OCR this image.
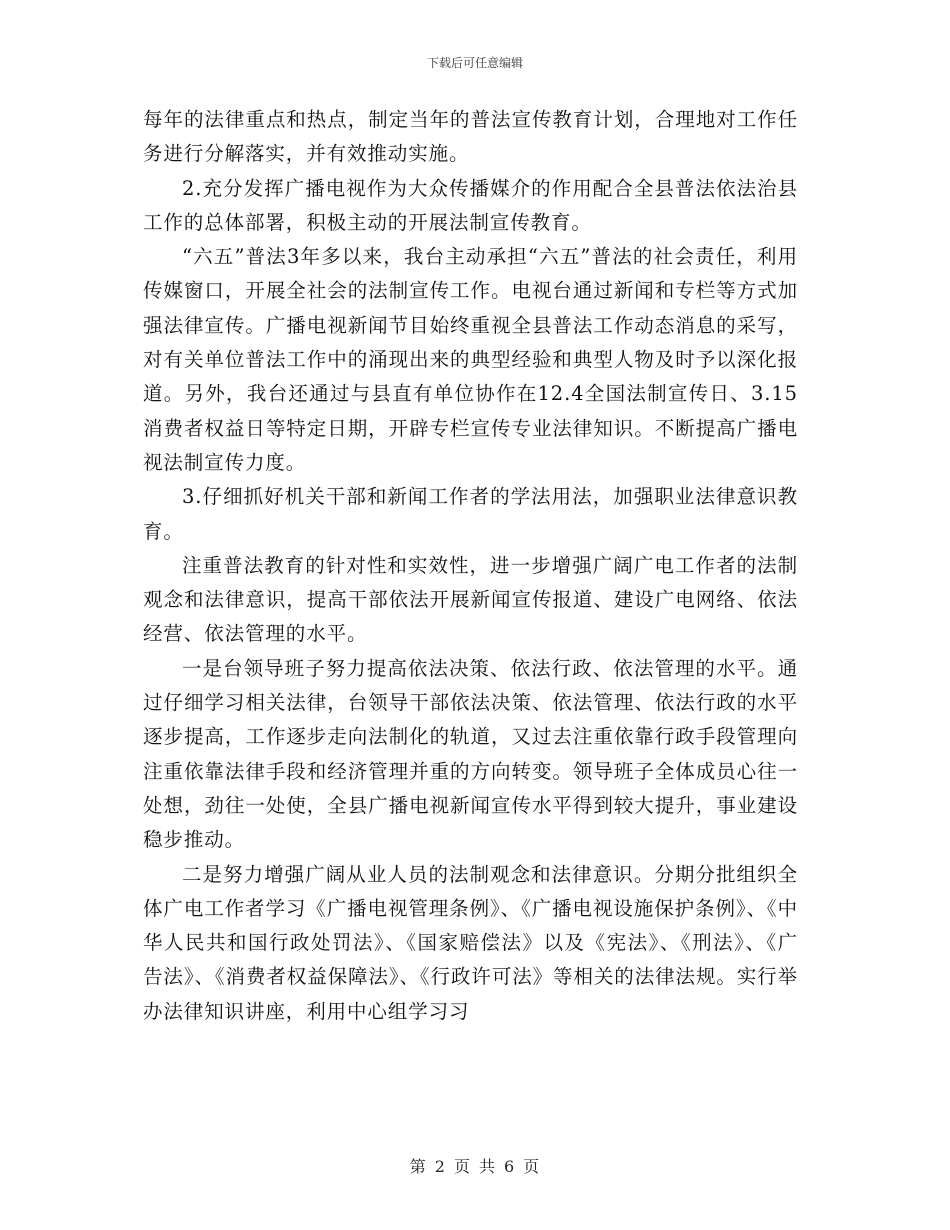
下载后可任意编辑

每年的法律重点和热点，制定当年的普法宣传教育计划，合理地对工作任务进行分解落实，并有效推动实施。

2.充分发挥广播电视作为大众传播媒介的作用配合全县普法依法治县工作的总体部署，积极主动的开展法制宣传教育。

“六五”普法3年多以来，我台主动承担“六五”普法的社会责任，利用传媒窗口，开展全社会的法制宣传工作。电视台通过新闻和专栏等方式加强法律宣传。广播电视新闻节目始终重视全县普法工作动态消息的采写，对有关单位普法工作中的涌现出来的典型经验和典型人物及时予以深化报道。另外，我台还通过与县直有单位协作在12.4全国法制宣传日、3.15消费者权益日等特定日期，开辟专栏宣传专业法律知识。不断提高广播电视法制宣传力度。

3.仔细抓好机关干部和新闻工作者的学法用法，加强职业法律意识教育。

注重普法教育的针对性和实效性，进一步增强广阔广电工作者的法制观念和法律意识，提高干部依法开展新闻宣传报道、建设广电网络、依法经营、依法管理的水平。

一是台领导班子努力提高依法决策、依法行政、依法管理的水平。通过仔细学习相关法律，台领导干部依法决策、依法管理、依法行政的水平逐步提高，工作逐步走向法制化的轨道，又过去注重依靠行政手段管理向注重依靠法律手段和经济管理并重的方向转变。领导班子全体成员心往一处想，劲往一处使，全县广播电视新闻宣传水平得到较大提升，事业建设稳步推动。

二是努力增强广阔从业人员的法制观念和法律意识。分期分批组织全体广电工作者学习《广播电视管理条例》、《广播电视设施保护条例》、《中华人民共和国行政处罚法》、《国家赔偿法》以及《宪法》、《刑法》、《广告法》、《消费者权益保障法》、《行政许可法》等相关的法律法规。实行举办法律知识讲座，利用中心组学习习

第 2 页 共 6 页
